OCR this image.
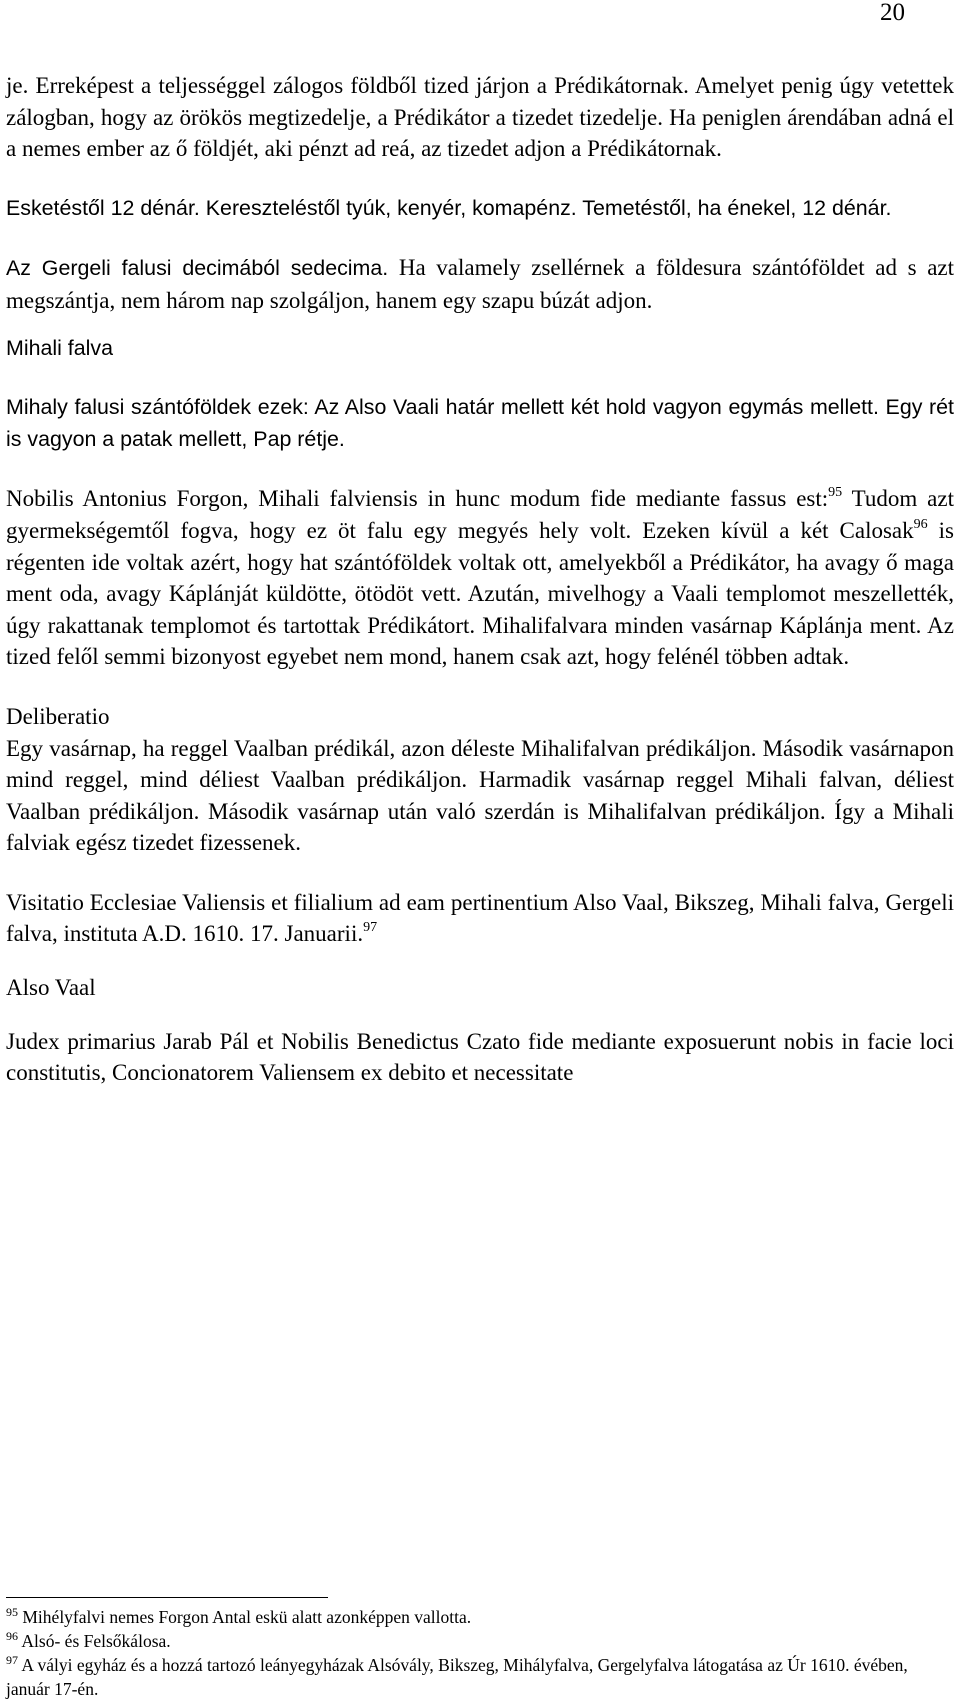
20

je. Erreképest a teljességgel zálogos földből tized járjon a Prédikátornak. Amelyet penig úgy vetettek zálogban, hogy az örökös megtizedelje, a Prédikátor a tizedet tizedelje. Ha peniglen árendában adná el a nemes ember az ő földjét, aki pénzt ad reá, az tizedet adjon a Prédikátornak.

Esketéstől 12 dénár. Kereszteléstől tyúk, kenyér, komapénz. Temetéstől, ha énekel, 12 dénár.

Az Gergeli falusi decimából sedecima. Ha valamely zsellérnek a földesura szántóföldet ad s azt megszántja, nem három nap szolgáljon, hanem egy szapu búzát adjon.

Mihali falva

Mihaly falusi szántóföldek ezek: Az Also Vaali határ mellett két hold vagyon egymás mellett. Egy rét is vagyon a patak mellett, Pap rétje.

Nobilis Antonius Forgon, Mihali falviensis in hunc modum fide mediante fassus est:$^{95}$ Tudom azt gyermekségemtől fogva, hogy ez öt falu egy megyés hely volt. Ezeken kívül a két Calosak$^{96}$ is régenten ide voltak azért, hogy hat szántóföldek voltak ott, amelyekből a Prédikátor, ha avagy ő maga ment oda, avagy Káplánját küldötte, ötödöt vett. Azután, mivelhogy a Vaali templomot meszellették, úgy rakattanak templomot és tartottak Prédikátort. Mihalifalvara minden vasárnap Káplánja ment. Az tized felől semmi bizonyost egyebet nem mond, hanem csak azt, hogy felénél többen adtak.

Deliberatio

Egy vasárnap, ha reggel Vaalban prédikál, azon déleste Mihalifalvan prédikáljon. Második vasárnapon mind reggel, mind déliest Vaalban prédikáljon. Harmadik vasárnap reggel Mihali falvan, déliest Vaalban prédikáljon. Második vasárnap után való szerdán is Mihalifalvan prédikáljon. Így a Mihali falviak egész tizedet fizessenek.

Visitatio Ecclesiae Valiensis et filialium ad eam pertinentium Also Vaal, Bikszeg, Mihali falva, Gergeli falva, instituta A.D. 1610. 17. Januarii.$^{97}$

Also Vaal

Judex primarius Jarab Pál et Nobilis Benedictus Czato fide mediante exposuerunt nobis in facie loci constitutis, Concionatorem Valiensem ex debito et necessitate

$^{95}$ Mihélyfalvi nemes Forgon Antal eskü alatt azonképpen vallotta.

$^{96}$ Alsó- és Felsőkálosa.

$^{97}$ A vályi egyház és a hozzá tartozó leányegyházak Alsóvály, Bikszeg, Mihályfalva, Gergelyfalva látogatása az Úr 1610. évében, január 17-én.
